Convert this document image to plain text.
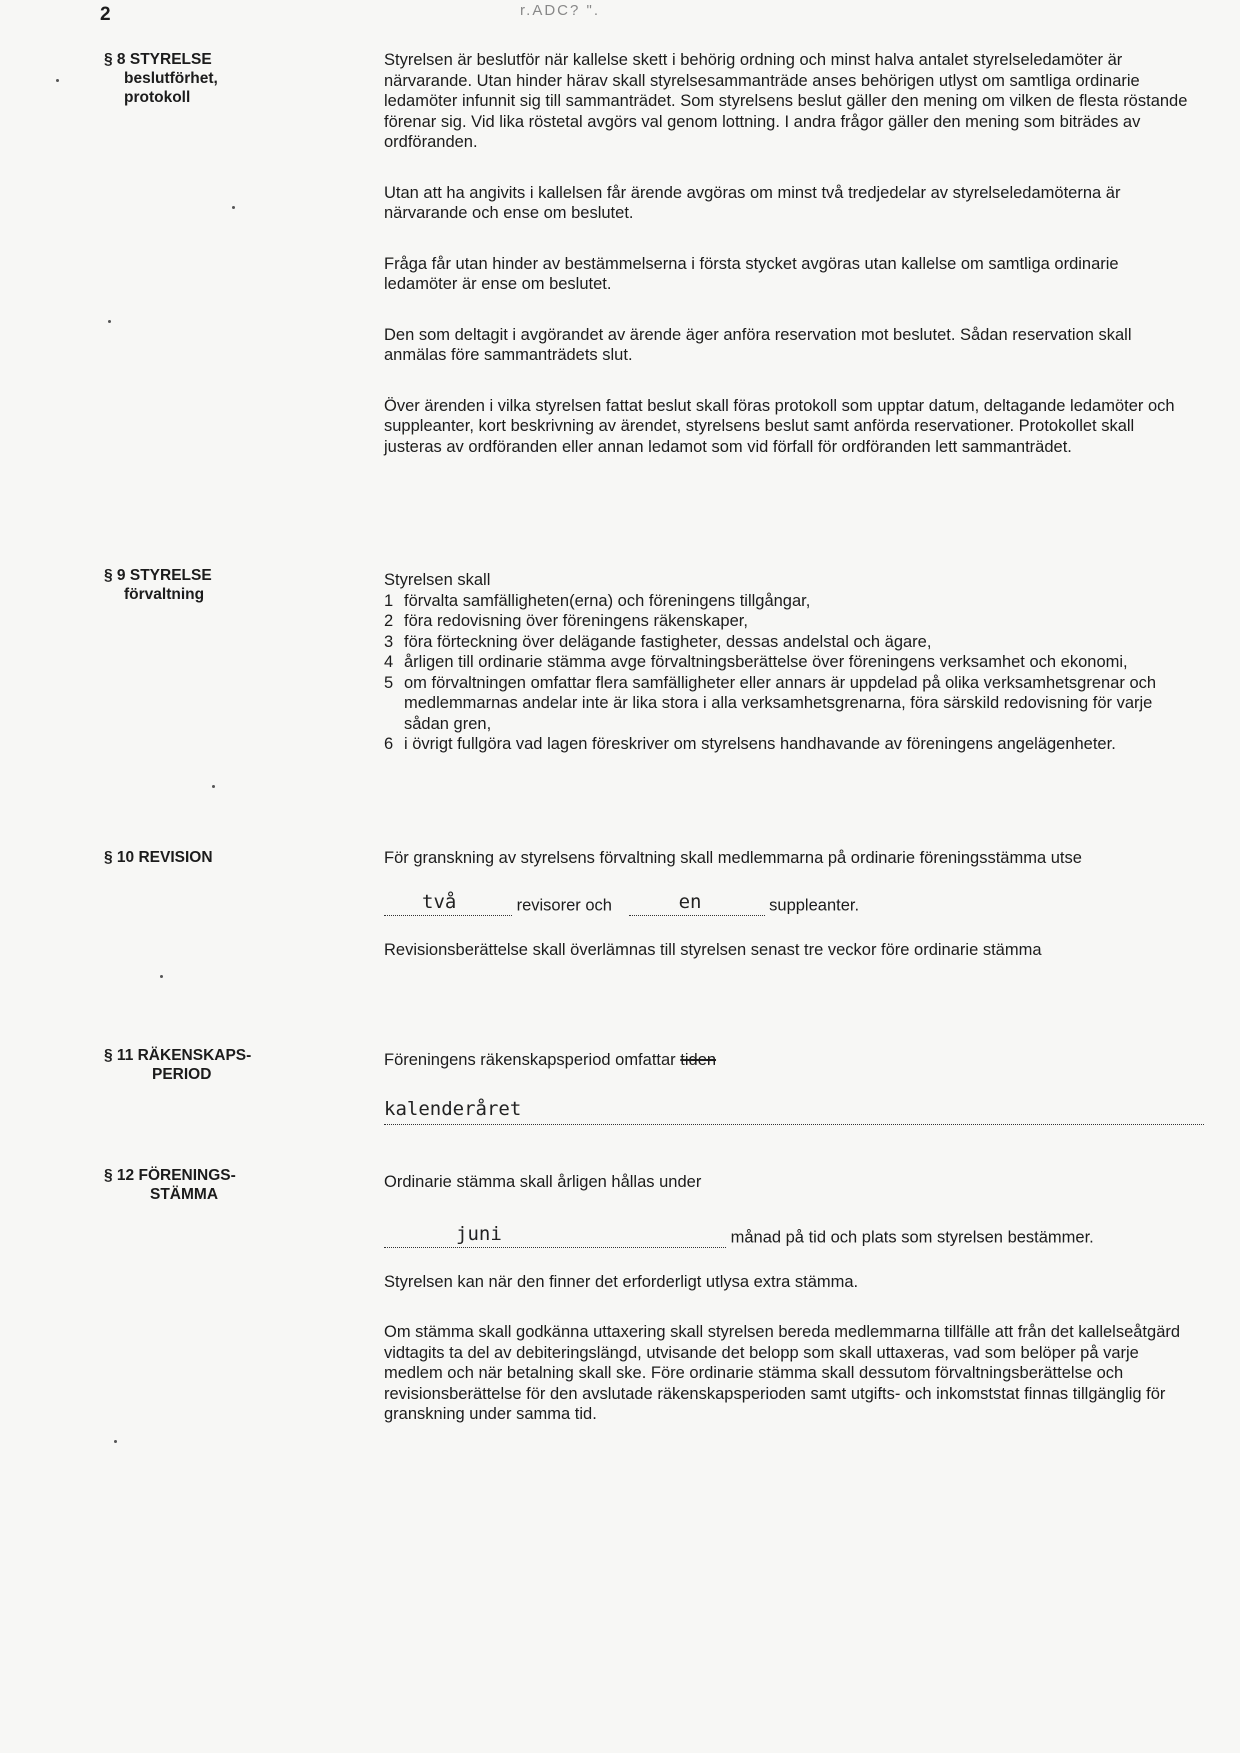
2	r.ADC? ".
§ 8 STYRELSE
beslutförhet,
protokoll

Styrelsen är beslutför när kallelse skett i behörig ordning och minst halva antalet styrelseledamöter är närvarande. Utan hinder härav skall styrelsesammanträde anses behörigen utlyst om samtliga ordinarie ledamöter infunnit sig till sammanträdet. Som styrelsens beslut gäller den mening om vilken de flesta röstande förenar sig. Vid lika röstetal avgörs val genom lottning. I andra frågor gäller den mening som biträdes av ordföranden.

Utan att ha angivits i kallelsen får ärende avgöras om minst två tredjedelar av styrelseledamöterna är närvarande och ense om beslutet.

Fråga får utan hinder av bestämmelserna i första stycket avgöras utan kallelse om samtliga ordinarie ledamöter är ense om beslutet.

Den som deltagit i avgörandet av ärende äger anföra reservation mot beslutet. Sådan reservation skall anmälas före sammanträdets slut.

Över ärenden i vilka styrelsen fattat beslut skall föras protokoll som upptar datum, deltagande ledamöter och suppleanter, kort beskrivning av ärendet, styrelsens beslut samt anförda reservationer. Protokollet skall justeras av ordföranden eller annan ledamot som vid förfall för ordföranden lett sammanträdet.

§ 9 STYRELSE
förvaltning
Styrelsen skall
1 förvalta samfälligheten(erna) och föreningens tillgångar,
2 föra redovisning över föreningens räkenskaper,
3 föra förteckning över delägande fastigheter, dessas andelstal och ägare,
4 årligen till ordinarie stämma avge förvaltningsberättelse över föreningens verksamhet och ekonomi,
5 om förvaltningen omfattar flera samfälligheter eller annars är uppdelad på olika verksamhetsgrenar och medlemmarnas andelar inte är lika stora i alla verksamhetsgrenarna, föra särskild redovisning för varje sådan gren,
6 i övrigt fullgöra vad lagen föreskriver om styrelsens handhavande av föreningens angelägenheter.
§ 10 REVISION	För granskning av styrelsens förvaltning skall medlemmarna på ordinarie föreningsstämma utse
två	revisorer och	en	suppleanter.
Revisionsberättelse skall överlämnas till styrelsen senast tre veckor före ordinarie stämma
§ 11 RÄKENSKAPS-
PERIOD
Föreningens räkenskapsperiod omfattar tiden
kalenderåret
§ 12 FÖRENINGS-
STÄMMA
Ordinarie stämma skall årligen hållas under
juni	månad på tid och plats som styrelsen bestämmer.
Styrelsen kan när den finner det erforderligt utlysa extra stämma.
Om stämma skall godkänna uttaxering skall styrelsen bereda medlemmarna tillfälle att från det kallelseåtgärd vidtagits ta del av debiteringslängd, utvisande det belopp som skall uttaxeras, vad som belöper på varje medlem och när betalning skall ske. Före ordinarie stämma skall dessutom förvaltningsberättelse och revisionsberättelse för den avslutade räkenskapsperioden samt utgifts- och inkomststat finnas tillgänglig för granskning under samma tid.
